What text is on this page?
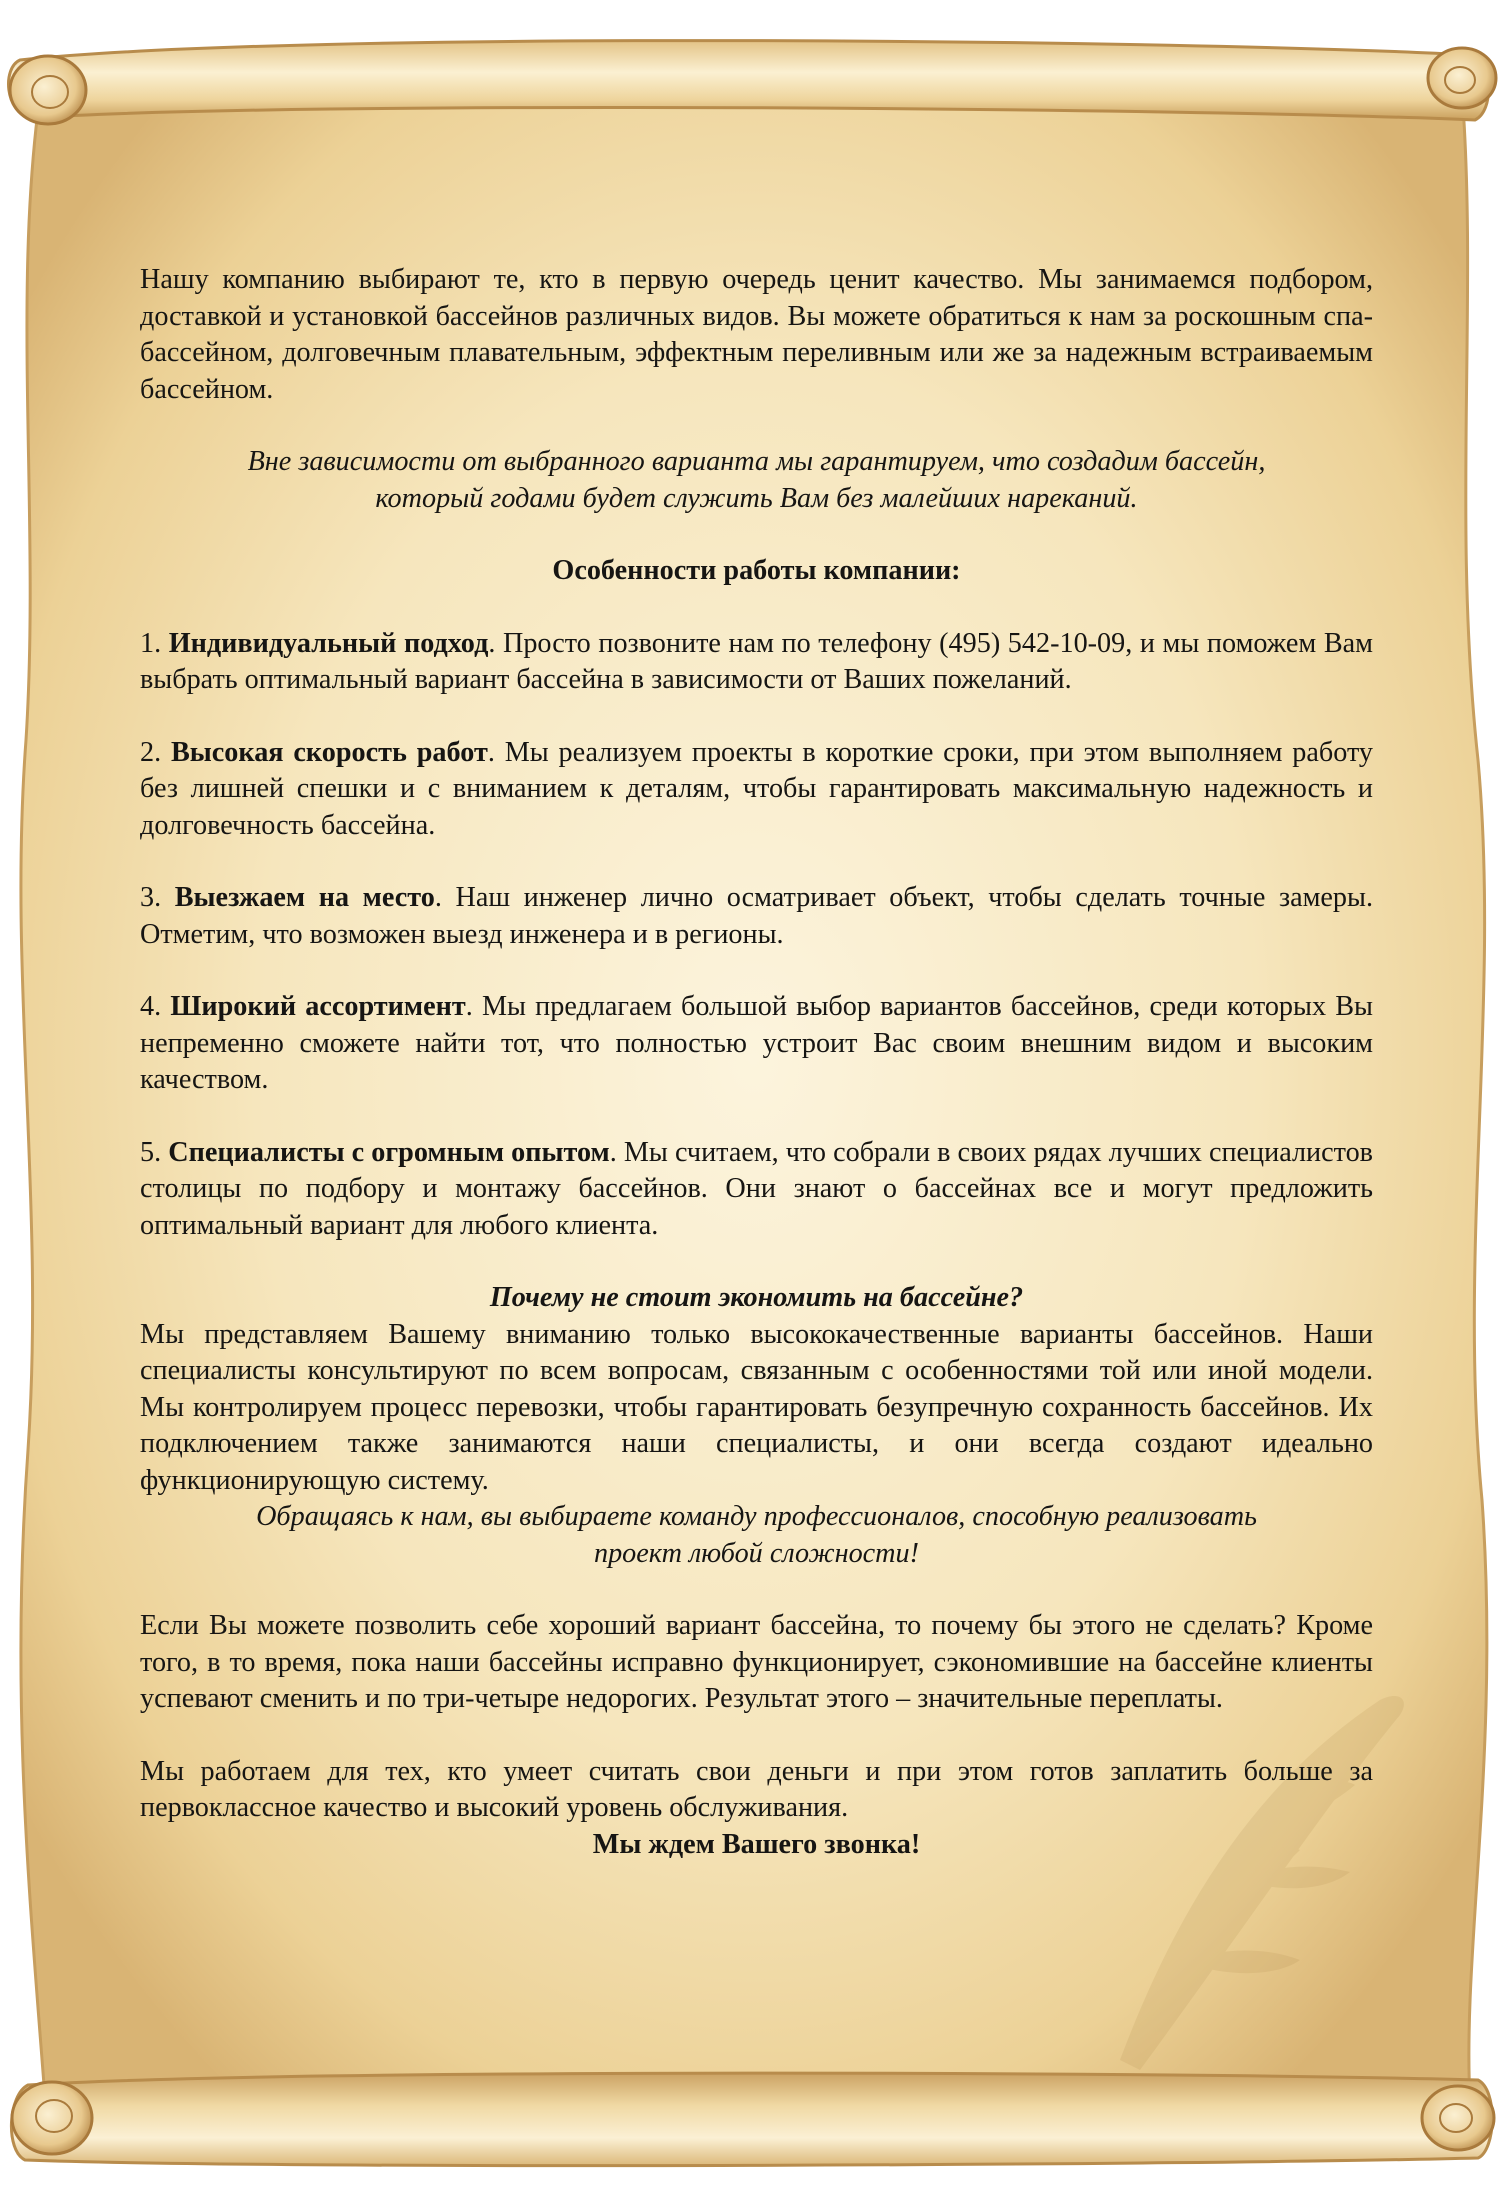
Нашу компанию выбирают те, кто в первую очередь ценит качество. Мы занимаемся подбором, доставкой и установкой бассейнов различных видов. Вы можете обратиться к нам за роскошным спа-бассейном, долговечным плавательным, эффектным переливным или же за надежным встраиваемым бассейном.

Вне зависимости от выбранного варианта мы гарантируем, что создадим бассейн,

который годами будет служить Вам без малейших нареканий.

Особенности работы компании:

1. Индивидуальный подход. Просто позвоните нам по телефону (495) 542-10-09, и мы поможем Вам выбрать оптимальный вариант бассейна в зависимости от Ваших пожеланий.

2. Высокая скорость работ. Мы реализуем проекты в короткие сроки, при этом выполняем работу без лишней спешки и с вниманием к деталям, чтобы гарантировать максимальную надежность и долговечность бассейна.

3. Выезжаем на место. Наш инженер лично осматривает объект, чтобы сделать точные замеры. Отметим, что возможен выезд инженера и в регионы.

4. Широкий ассортимент. Мы предлагаем большой выбор вариантов бассейнов, среди которых Вы непременно сможете найти тот, что полностью устроит Вас своим внешним видом и высоким качеством.

5. Специалисты с огромным опытом. Мы считаем, что собрали в своих рядах лучших специалистов столицы по подбору и монтажу бассейнов. Они знают о бассейнах все и могут предложить оптимальный вариант для любого клиента.

Почему не стоит экономить на бассейне?

Мы представляем Вашему вниманию только высококачественные варианты бассейнов. Наши специалисты консультируют по всем вопросам, связанным с особенностями той или иной модели. Мы контролируем процесс перевозки, чтобы гарантировать безупречную сохранность бассейнов. Их подключением также занимаются наши специалисты, и они всегда создают идеально функционирующую систему.

Обращаясь к нам, вы выбираете команду профессионалов, способную реализовать

проект любой сложности!

Если Вы можете позволить себе хороший вариант бассейна, то почему бы этого не сделать? Кроме того, в то время, пока наши бассейны исправно функционирует, сэкономившие на бассейне клиенты успевают сменить и по три-четыре недорогих. Результат этого – значительные переплаты.

Мы работаем для тех, кто умеет считать свои деньги и при этом готов заплатить больше за первоклассное качество и высокий уровень обслуживания.

Мы ждем Вашего звонка!
